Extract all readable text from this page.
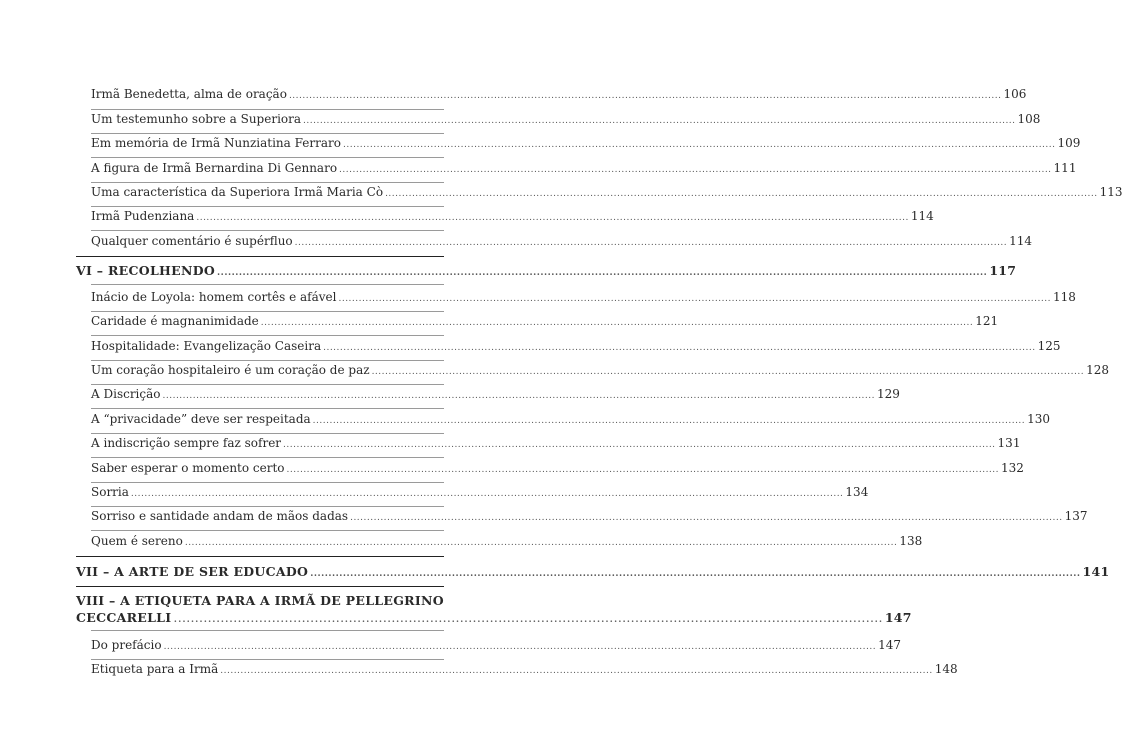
Irmã Benedetta, alma de oração .....	106
Um testemunho sobre a Superiora .....	108
Em memória de Irmã Nunziatina Ferraro .....	109
A figura de Irmã Bernardina Di Gennaro .....	111
Uma característica da Superiora Irmã Maria Cò .....	113
Irmã Pudenziana .....	114
Qualquer comentário é supérfluo .....	114
VI – RECOLHENDO .....	117
Inácio de Loyola: homem cortês e afável .....	118
Caridade é magnanimidade .....	121
Hospitalidade: Evangelização Caseira .....	125
Um coração hospitaleiro é um coração de paz .....	128
A Discrição .....	129
A “privacidade” deve ser respeitada .....	130
A indiscrição sempre faz sofrer .....	131
Saber esperar o momento certo .....	132
Sorria .....	134
Sorriso e santidade andam de mãos dadas .....	137
Quem é sereno .....	138
VII – A ARTE DE SER EDUCADO .....	141
VIII – A ETIQUETA PARA A IRMÃ DE PELLEGRINO
CECCARELLI ...................................................................................................................................................................... 147
Do prefácio .....	147
Etiqueta para a Irmã .....	148
